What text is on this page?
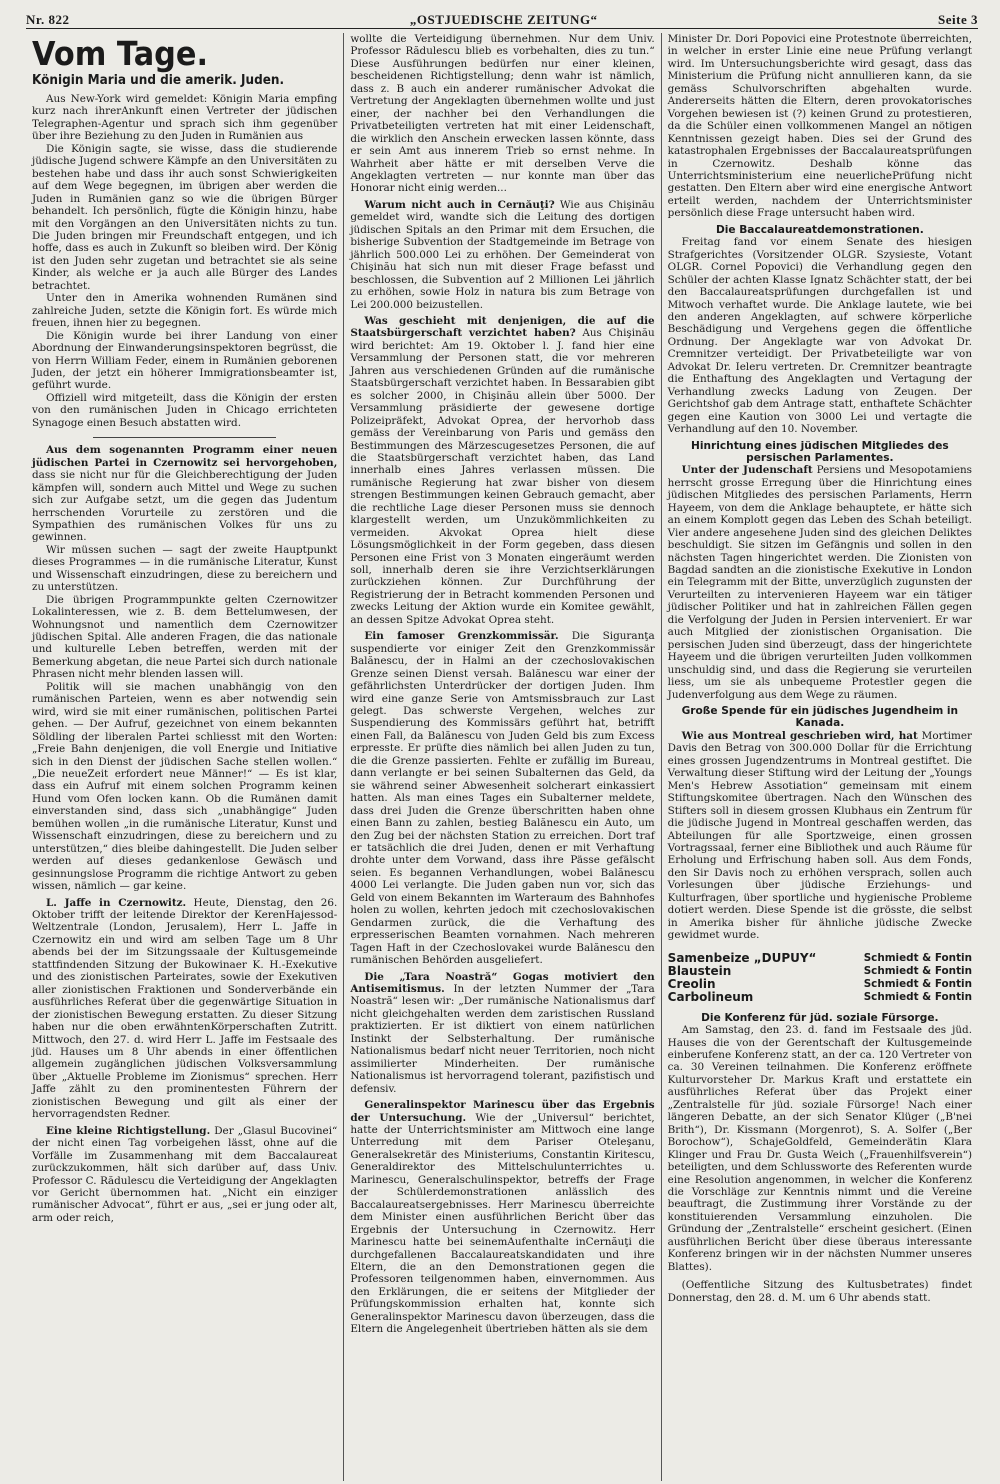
Nr. 822	„OSTJUEDISCHE ZEITUNG“	Seite 3
Vom Tage.
Königin Maria und die amerik. Juden.

Aus New-York wird gemeldet: Königin Maria empfing kurz nach ihrerAnkunft einen Vertreter der jüdischen Telegraphen-Agentur und sprach sich ihm gegenüber über ihre Beziehung zu den Juden in Rumänien aus

Die Königin sagte, sie wisse, dass die studierende jüdische Jugend schwere Kämpfe an den Universitäten zu bestehen habe und dass ihr auch sonst Schwierigkeiten auf dem Wege begegnen, im übrigen aber werden die Juden in Rumänien ganz so wie die übrigen Bürger behandelt. Ich persönlich, fügte die Königin hinzu, habe mit den Vorgängen an den Universitäten nichts zu tun. Die Juden bringen mir Freundschaft entgegen, und ich hoffe, dass es auch in Zukunft so bleiben wird. Der König ist den Juden sehr zugetan und betrachtet sie als seine Kinder, als welche er ja auch alle Bürger des Landes betrachtet.

Unter den in Amerika wohnenden Rumänen sind zahlreiche Juden, setzte die Königin fort. Es würde mich freuen, ihnen hier zu begegnen.

Die Königin wurde bei ihrer Landung von einer Abordnung der Einwanderungsinspektoren begrüsst, die von Herrn William Feder, einem in Rumänien geborenen Juden, der jetzt ein höherer Immigrationsbeamter ist, geführt wurde.

Offiziell wird mitgeteilt, dass die Königin der ersten von den rumänischen Juden in Chicago errichteten Synagoge einen Besuch abstatten wird.

Aus dem sogenannten Programm einer neuen jüdischen Partei in Czernowitz sei hervorgehoben, dass sie nicht nur für die Gleichberechtigung der Juden kämpfen will, sondern auch Mittel und Wege zu suchen sich zur Aufgabe setzt, um die gegen das Judentum herrschenden Vorurteile zu zerstören und die Sympathien des rumänischen Volkes für uns zu gewinnen.

Wir müssen suchen — sagt der zweite Hauptpunkt dieses Programmes — in die rumänische Literatur, Kunst und Wissenschaft einzudringen, diese zu bereichern und zu unterstützen.

Die übrigen Programmpunkte gelten Czernowitzer Lokalinteressen, wie z. B. dem Bettelumwesen, der Wohnungsnot und namentlich dem Czernowitzer jüdischen Spital. Alle anderen Fragen, die das nationale und kulturelle Leben betreffen, werden mit der Bemerkung abgetan, die neue Partei sich durch nationale Phrasen nicht mehr blenden lassen will.

Politik will sie machen unabhängig von den rumänischen Parteien, wenn es aber notwendig sein wird, wird sie mit einer rumänischen, politischen Partei gehen. — Der Aufruf, gezeichnet von einem bekannten Söldling der liberalen Partei schliesst mit den Worten: „Freie Bahn denjenigen, die voll Energie und Initiative sich in den Dienst der jüdischen Sache stellen wollen.“ „Die neueZeit erfordert neue Männer!“ — Es ist klar, dass ein Aufruf mit einem solchen Programm keinen Hund vom Ofen locken kann. Ob die Rumänen damit einverstanden sind, dass sich „unabhängige“ Juden bemühen wollen „in die rumänische Literatur, Kunst und Wissenschaft einzudringen, diese zu bereichern und zu unterstützen,“ dies bleibe dahingestellt. Die Juden selber werden auf dieses gedankenlose Gewäsch und gesinnungslose Programm die richtige Antwort zu geben wissen, nämlich — gar keine.

L. Jaffe in Czernowitz. Heute, Dienstag, den 26. Oktober trifft der leitende Direktor der KerenHajessod-Weltzentrale (London, Jerusalem), Herr L. Jaffe in Czernowitz ein und wird am selben Tage um 8 Uhr abends bei der im Sitzungssaale der Kultusgemeinde stattfindenden Sitzung der Bukowinaer K. H.-Exekutive und des zionistischen Parteirates, sowie der Exekutiven aller zionistischen Fraktionen und Sonderverbände ein ausführliches Referat über die gegenwärtige Situation in der zionistischen Bewegung erstatten. Zu dieser Sitzung haben nur die oben erwähntenKörperschaften Zutritt. Mittwoch, den 27. d. wird Herr L. Jaffe im Festsaale des jüd. Hauses um 8 Uhr abends in einer öffentlichen allgemein zugänglichen jüdischen Volksversammlung über „Aktuelle Probleme im Zionismus“ sprechen. Herr Jaffe zählt zu den prominentesten Führern der zionistischen Bewegung und gilt als einer der hervorragendsten Redner.

Eine kleine Richtigstellung. Der „Glasul Bucovinei“ der nicht einen Tag vorbeigehen lässt, ohne auf die Vorfälle im Zusammenhang mit dem Baccalaureat zurückzukommen, hält sich darüber auf, dass Univ. Professor C. Rădulescu die Verteidigung der Angeklagten vor Gericht übernommen hat. „Nicht ein einziger rumänischer Advocat“, führt er aus, „sei er jung oder alt, arm oder reich,

wollte die Verteidigung übernehmen. Nur dem Univ. Professor Rădulescu blieb es vorbehalten, dies zu tun.“ Diese Ausführungen bedürfen nur einer kleinen, bescheidenen Richtigstellung; denn wahr ist nämlich, dass z. B auch ein anderer rumänischer Advokat die Vertretung der Angeklagten übernehmen wollte und just einer, der nachher bei den Verhandlungen die Privatbeteiligten vertreten hat mit einer Leidenschaft, die wirklich den Anschein erwecken lassen könnte, dass er sein Amt aus innerem Trieb so ernst nehme. In Wahrheit aber hätte er mit derselben Verve die Angeklagten vertreten — nur konnte man über das Honorar nicht einig werden...

Warum nicht auch in Cernăuţi? Wie aus Chişinău gemeldet wird, wandte sich die Leitung des dortigen jüdischen Spitals an den Primar mit dem Ersuchen, die bisherige Subvention der Stadtgemeinde im Betrage von jährlich 500.000 Lei zu erhöhen. Der Gemeinderat von Chişinău hat sich nun mit dieser Frage befasst und beschlossen, die Subvention auf 2 Millionen Lei jährlich zu erhöhen, sowie Holz in natura bis zum Betrage von Lei 200.000 beizustellen.

Was geschieht mit denjenigen, die auf die Staatsbürgerschaft verzichtet haben? Aus Chişinău wird berichtet: Am 19. Oktober l. J. fand hier eine Versammlung der Personen statt, die vor mehreren Jahren aus verschiedenen Gründen auf die rumänische Staatsbürgerschaft verzichtet haben. In Bessarabien gibt es solcher 2000, in Chişinău allein über 5000. Der Versammlung präsidierte der gewesene dortige Polizeipräfekt, Advokat Oprea, der hervorhob dass gemäss der Vereinbarung von Paris und gemäss den Bestimmungen des Märzescugesetzes Personen, die auf die Staatsbürgerschaft verzichtet haben, das Land innerhalb eines Jahres verlassen müssen. Die rumänische Regierung hat zwar bisher von diesem strengen Bestimmungen keinen Gebrauch gemacht, aber die rechtliche Lage dieser Personen muss sie dennoch klargestellt werden, um Unzukömmlichkeiten zu vermeiden. Akvokat Oprea hielt diese Lösungsmöglichkeit in der Form gegeben, dass diesen Personen eine Frist von 3 Monaten eingeräumt werden soll, innerhalb deren sie ihre Verzichtserklärungen zurückziehen können. Zur Durchführung der Registrierung der in Betracht kommenden Personen und zwecks Leitung der Aktion wurde ein Komitee gewählt, an dessen Spitze Advokat Oprea steht.

Ein famoser Grenzkommissär. Die Siguranţa suspendierte vor einiger Zeit den Grenzkommissär Balănescu, der in Halmi an der czechoslovakischen Grenze seinen Dienst versah. Balănescu war einer der gefährlichsten Unterdrücker der dortigen Juden. Ihm wird eine ganze Serie von Amtsmissbrauch zur Last gelegt. Das schwerste Vergehen, welches zur Suspendierung des Kommissärs geführt hat, betrifft einen Fall, da Balănescu von Juden Geld bis zum Excess erpresste. Er prüfte dies nämlich bei allen Juden zu tun, die die Grenze passierten. Fehlte er zufällig im Bureau, dann verlangte er bei seinen Subalternen das Geld, da sie während seiner Abwesenheit solcherart einkassiert hatten. Als man eines Tages ein Subalterner meldete, dass drei Juden die Grenze überschritten haben ohne einen Bann zu zahlen, bestieg Balănescu ein Auto, um den Zug bei der nächsten Station zu erreichen. Dort traf er tatsächlich die drei Juden, denen er mit Verhaftung drohte unter dem Vorwand, dass ihre Pässe gefälscht seien. Es begannen Verhandlungen, wobei Balănescu 4000 Lei verlangte. Die Juden gaben nun vor, sich das Geld von einem Bekannten im Warteraum des Bahnhofes holen zu wollen, kehrten jedoch mit czechoslovakischen Gendarmen zurück, die die Verhaftung des erpresserischen Beamten vornahmen. Nach mehreren Tagen Haft in der Czechoslovakei wurde Balănescu den rumänischen Behörden ausgeliefert.

Die „Tara Noastră“ Gogas motiviert den Antisemitismus. In der letzten Nummer der „Tara Noastră“ lesen wir: „Der rumänische Nationalismus darf nicht gleichgehalten werden dem zaristischen Russland praktizierten. Er ist diktiert von einem natürlichen Instinkt der Selbsterhaltung. Der rumänische Nationalismus bedarf nicht neuer Territorien, noch nicht assimilierter Minderheiten. Der rumänische Nationalismus ist hervorragend tolerant, pazifistisch und defensiv.

Generalinspektor Marinescu über das Ergebnis der Untersuchung. Wie der „Universul“ berichtet, hatte der Unterrichtsminister am Mittwoch eine lange Unterredung mit dem Pariser Oteleşanu, Generalsekretär des Ministeriums, Constantin Kiritescu, Generaldirektor des Mittelschulunterrichtes u. Marinescu, Generalschulinspektor, betreffs der Frage der Schülerdemonstrationen anlässlich des Baccalaureatsergebnisses. Herr Marinescu überreichte dem Minister einen ausführlichen Bericht über das Ergebnis der Untersuchung in Czernowitz. Herr Marinescu hatte bei seinemAufenthalte inCernăuţi die durchgefallenen Baccalaureatskandidaten und ihre Eltern, die an den Demonstrationen gegen die Professoren teilgenommen haben, einvernommen. Aus den Erklärungen, die er seitens der Mitglieder der Prüfungskommission erhalten hat, konnte sich Generalinspektor Marinescu davon überzeugen, dass die Eltern die Angelegenheit übertrieben hätten als sie dem

Minister Dr. Dori Popovici eine Protestnote überreichten, in welcher in erster Linie eine neue Prüfung verlangt wird. Im Untersuchungsberichte wird gesagt, dass das Ministerium die Prüfung nicht annullieren kann, da sie gemäss Schulvorschriften abgehalten wurde. Andererseits hätten die Eltern, deren provokatorisches Vorgehen bewiesen ist (?) keinen Grund zu protestieren, da die Schüler einen vollkommenen Mangel an nötigen Kenntnissen gezeigt haben. Dies sei der Grund des katastrophalen Ergebnisses der Baccalaureatsprüfungen in Czernowitz. Deshalb könne das Unterrichtsministerium eine neuerlichePrüfung nicht gestatten. Den Eltern aber wird eine energische Antwort erteilt werden, nachdem der Unterrichtsminister persönlich diese Frage untersucht haben wird.

Die Baccalaureatdemonstrationen.

Freitag fand vor einem Senate des hiesigen Strafgerichtes (Vorsitzender OLGR. Szysieste, Votant OLGR. Cornel Popovici) die Verhandlung gegen den Schüler der achten Klasse Ignatz Schächter statt, der bei den Baccalaureatsprüfungen durchgefallen ist und Mitwoch verhaftet wurde. Die Anklage lautete, wie bei den anderen Angeklagten, auf schwere körperliche Beschädigung und Vergehens gegen die öffentliche Ordnung. Der Angeklagte war von Advokat Dr. Cremnitzer verteidigt. Der Privatbeteiligte war von Advokat Dr. Ieleru vertreten. Dr. Cremnitzer beantragte die Enthaftung des Angeklagten und Vertagung der Verhandlung zwecks Ladung von Zeugen. Der Gerichtshof gab dem Antrage statt, enthaftete Schächter gegen eine Kaution von 3000 Lei und vertagte die Verhandlung auf den 10. November.

Hinrichtung eines jüdischen Mitgliedes des persischen Parlamentes.

Unter der Judenschaft Persiens und Mesopotamiens herrscht grosse Erregung über die Hinrichtung eines jüdischen Mitgliedes des persischen Parlaments, Herrn Hayeem, von dem die Anklage behauptete, er hätte sich an einem Komplott gegen das Leben des Schah beteiligt. Vier andere angesehene Juden sind des gleichen Deliktes beschuldigt. Sie sitzen im Gefängnis und sollen in den nächsten Tagen hingerichtet werden. Die Zionisten von Bagdad sandten an die zionistische Exekutive in London ein Telegramm mit der Bitte, unverzüglich zugunsten der Verurteilten zu intervenieren Hayeem war ein tätiger jüdischer Politiker und hat in zahlreichen Fällen gegen die Verfolgung der Juden in Persien interveniert. Er war auch Mitglied der zionistischen Organisation. Die persischen Juden sind überzeugt, dass der hingerichtete Hayeem und die übrigen verurteilten Juden vollkommen unschuldig sind, und dass die Regierung sie verurteilen liess, um sie als unbequeme Protestler gegen die Judenverfolgung aus dem Wege zu räumen.

Große Spende für ein jüdisches Jugendheim in Kanada.

Wie aus Montreal geschrieben wird, hat Mortimer Davis den Betrag von 300.000 Dollar für die Errichtung eines grossen Jugendzentrums in Montreal gestiftet. Die Verwaltung dieser Stiftung wird der Leitung der „Youngs Men's Hebrew Assotiation“ gemeinsam mit einem Stiftungskomitee übertragen. Nach den Wünschen des Stifters soll in diesem grossen Klubhaus ein Zentrum für die jüdische Jugend in Montreal geschaffen werden, das Abteilungen für alle Sportzweige, einen grossen Vortragssaal, ferner eine Bibliothek und auch Räume für Erholung und Erfrischung haben soll. Aus dem Fonds, den Sir Davis noch zu erhöhen versprach, sollen auch Vorlesungen über jüdische Erziehungs- und Kulturfragen, über sportliche und hygienische Probleme dotiert werden. Diese Spende ist die grösste, die selbst in Amerika bisher für ähnliche jüdische Zwecke gewidmet wurde.

Samenbeize „DUPUY“	Schmiedt & Fontin
Blaustein	Schmiedt & Fontin
Creolin	Schmiedt & Fontin
Carbolineum	Schmiedt & Fontin
Die Konferenz für jüd. soziale Fürsorge.

Am Samstag, den 23. d. fand im Festsaale des jüd. Hauses die von der Gerentschaft der Kultusgemeinde einberufene Konferenz statt, an der ca. 120 Vertreter von ca. 30 Vereinen teilnahmen. Die Konferenz eröffnete Kulturvorsteher Dr. Markus Kraft und erstattete ein ausführliches Referat über das Projekt einer „Zentralstelle für jüd. soziale Fürsorge! Nach einer längeren Debatte, an der sich Senator Klüger („B'nei Brith“), Dr. Kissmann (Morgenrot), S. A. Solfer („Ber Borochow“), SchajeGoldfeld, Gemeinderätin Klara Klinger und Frau Dr. Gusta Weich („Frauenhilfsverein“) beteiligten, und dem Schlussworte des Referenten wurde eine Resolution angenommen, in welcher die Konferenz die Vorschläge zur Kenntnis nimmt und die Vereine beauftragt, die Zustimmung ihrer Vorstände zu der konstituierenden Versammlung einzuholen. Die Gründung der „Zentralstelle“ erscheint gesichert. (Einen ausführlichen Bericht über diese überaus interessante Konferenz bringen wir in der nächsten Nummer unseres Blattes).

(Oeffentliche Sitzung des Kultusbetrates) findet Donnerstag, den 28. d. M. um 6 Uhr abends statt.
